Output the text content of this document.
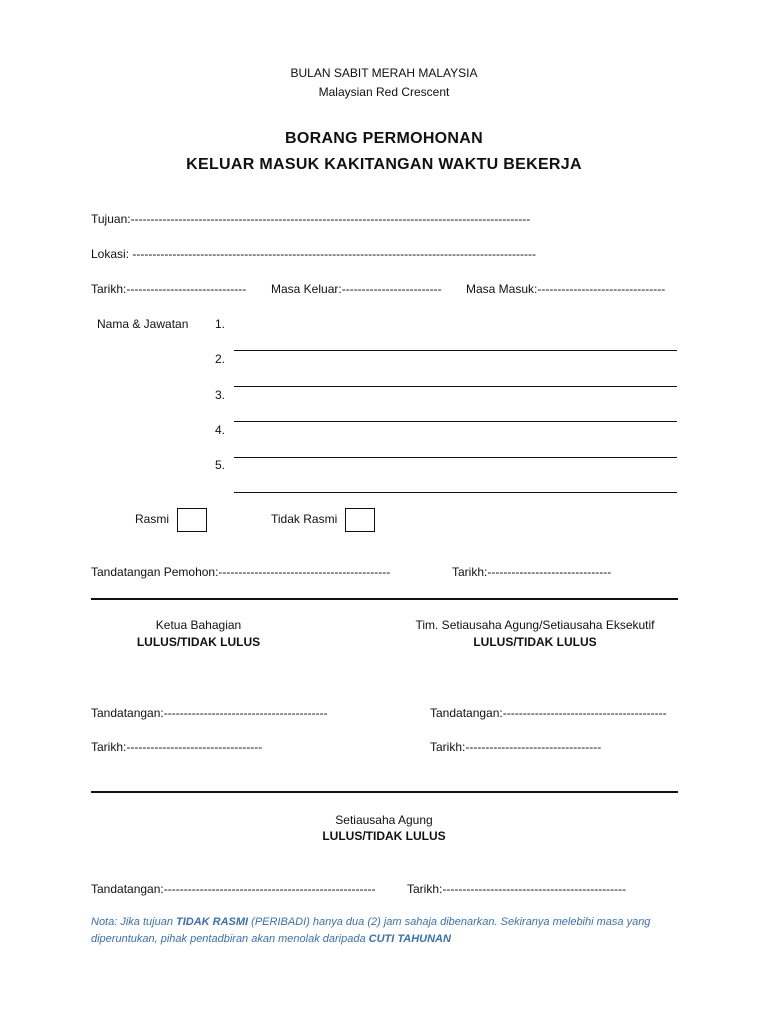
BULAN SABIT MERAH MALAYSIA
Malaysian Red Crescent
BORANG PERMOHONAN
KELUAR MASUK KAKITANGAN WAKTU BEKERJA
Tujuan:----------------------------------------------------------------------------------------------------
Lokasi: -----------------------------------------------------------------------------------------------------
Tarikh:------------------------------ Masa Keluar:------------------------- Masa Masuk:--------------------------------
Nama & Jawatan 1.
2.
3.
4.
5.
Rasmi	Tidak Rasmi
Tandatangan Pemohon:-------------------------------------------	Tarikh:-------------------------------
Ketua Bahagian
LULUS/TIDAK LULUS
Tim. Setiausaha Agung/Setiausaha Eksekutif
LULUS/TIDAK LULUS
Tandatangan:-----------------------------------------	Tandatangan:-----------------------------------------
Tarikh:----------------------------------	Tarikh:----------------------------------
Setiausaha Agung
LULUS/TIDAK LULUS
Tandatangan:-----------------------------------------------------	Tarikh:----------------------------------------------
Nota: Jika tujuan TIDAK RASMI (PERIBADI) hanya dua (2) jam sahaja dibenarkan. Sekiranya melebihi masa yang
diperuntukan, pihak pentadbiran akan menolak daripada CUTI TAHUNAN
